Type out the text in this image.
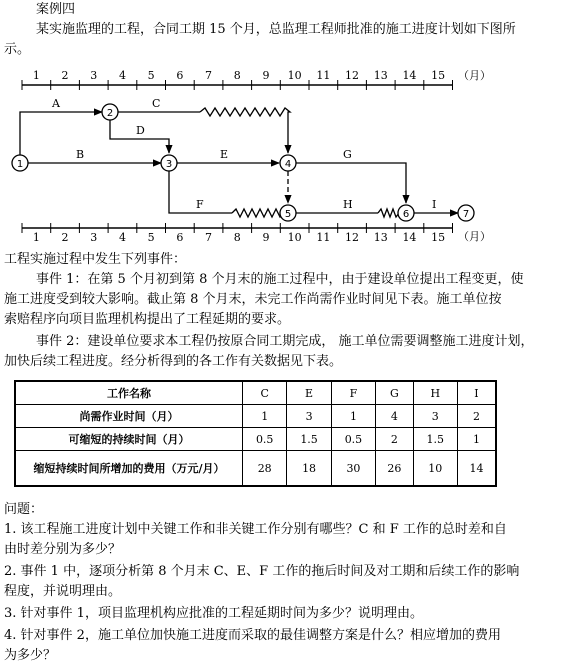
案例四
某实施监理的工程，合同工期 15 个月，总监理工程师批准的施工进度计划如下图所
示。
1 2 3 4 5 6 7 8 9 10 11 12 13 14 15 （月）
1 2 3 4 5 6 7 8 9 10 11 12 13 14 15 （月）
A
B
C
D
E
F
G
H	I
1
2
3	4
5	6	7
工程实施过程中发生下列事件：
事件 1：在第 5 个月初到第 8 个月末的施工过程中，由于建设单位提出工程变更，使
施工进度受到较大影响。截止第 8 个月末，未完工作尚需作业时间见下表。施工单位按
索赔程序向项目监理机构提出了工程延期的要求。
事件 2：建设单位要求本工程仍按原合同工期完成， 施工单位需要调整施工进度计划，
加快后续工程进度。经分析得到的各工作有关数据见下表。
工作名称	C	E	F	G	H	I
尚需作业时间（月）	1	3	1	4	3	2
可缩短的持续时间（月）	0.5	1.5	0.5	2	1.5	1
缩短持续时间所增加的费用（万元/月）	28	18	30	26	10	14
问题：
1. 该工程施工进度计划中关键工作和非关键工作分别有哪些？C 和 F 工作的总时差和自
由时差分别为多少？
2. 事件 1 中，逐项分析第 8 个月末 C、E、F 工作的拖后时间及对工期和后续工作的影响
程度，并说明理由。
3. 针对事件 1，项目监理机构应批准的工程延期时间为多少？说明理由。
4. 针对事件 2，施工单位加快施工进度而采取的最佳调整方案是什么？相应增加的费用
为多少？
